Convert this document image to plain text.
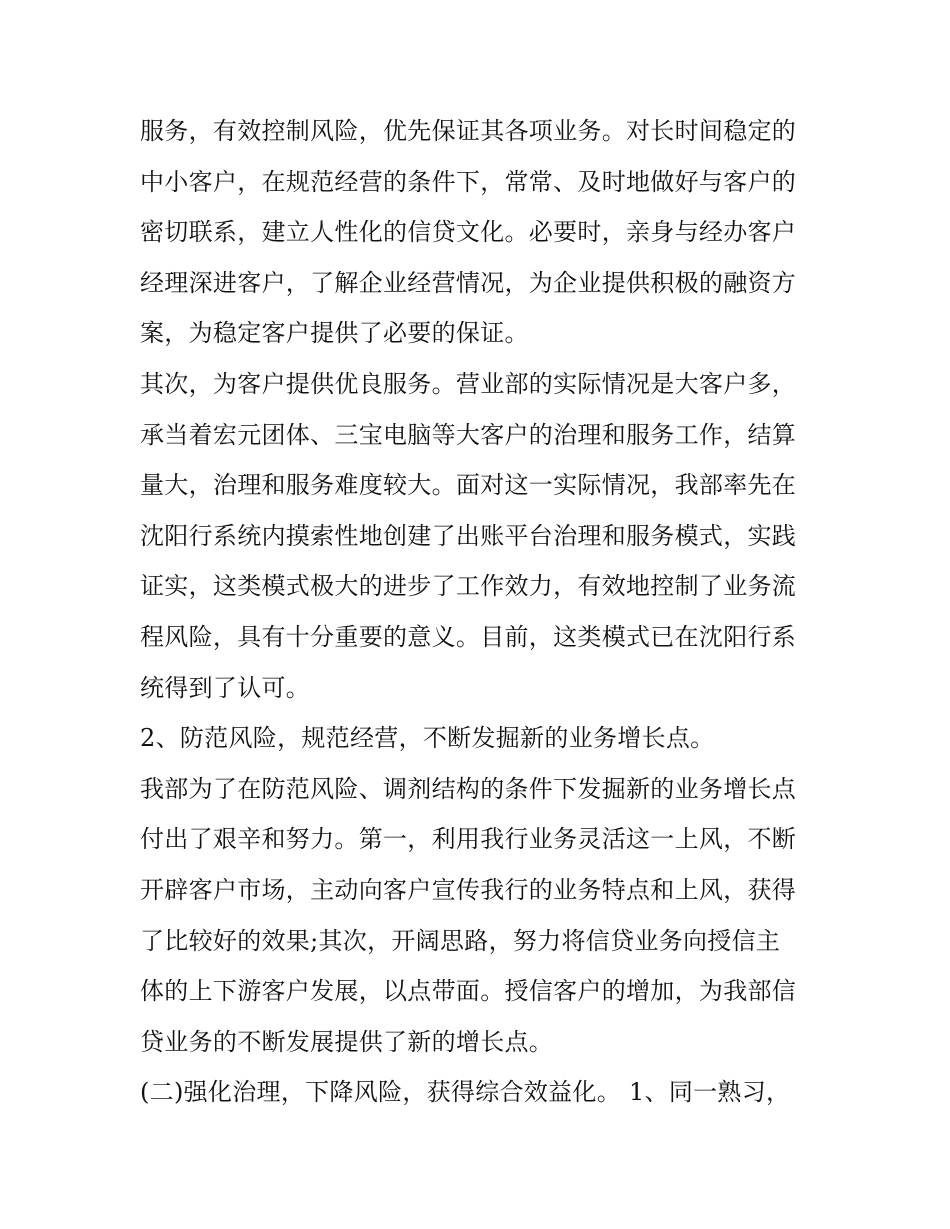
服务，有效控制风险，优先保证其各项业务。对长时间稳定的
中小客户，在规范经营的条件下，常常、及时地做好与客户的
密切联系，建立人性化的信贷文化。必要时，亲身与经办客户
经理深进客户，了解企业经营情况，为企业提供积极的融资方
案，为稳定客户提供了必要的保证。
其次，为客户提供优良服务。营业部的实际情况是大客户多，
承当着宏元团体、三宝电脑等大客户的治理和服务工作，结算
量大，治理和服务难度较大。面对这一实际情况，我部率先在
沈阳行系统内摸索性地创建了出账平台治理和服务模式，实践
证实，这类模式极大的进步了工作效力，有效地控制了业务流
程风险，具有十分重要的意义。目前，这类模式已在沈阳行系
统得到了认可。
2、防范风险，规范经营，不断发掘新的业务增长点。
我部为了在防范风险、调剂结构的条件下发掘新的业务增长点
付出了艰辛和努力。第一，利用我行业务灵活这一上风，不断
开辟客户市场，主动向客户宣传我行的业务特点和上风，获得
了比较好的效果;其次，开阔思路，努力将信贷业务向授信主
体的上下游客户发展，以点带面。授信客户的增加，为我部信
贷业务的不断发展提供了新的增长点。
(二)强化治理，下降风险，获得综合效益化。 1、同一熟习，
